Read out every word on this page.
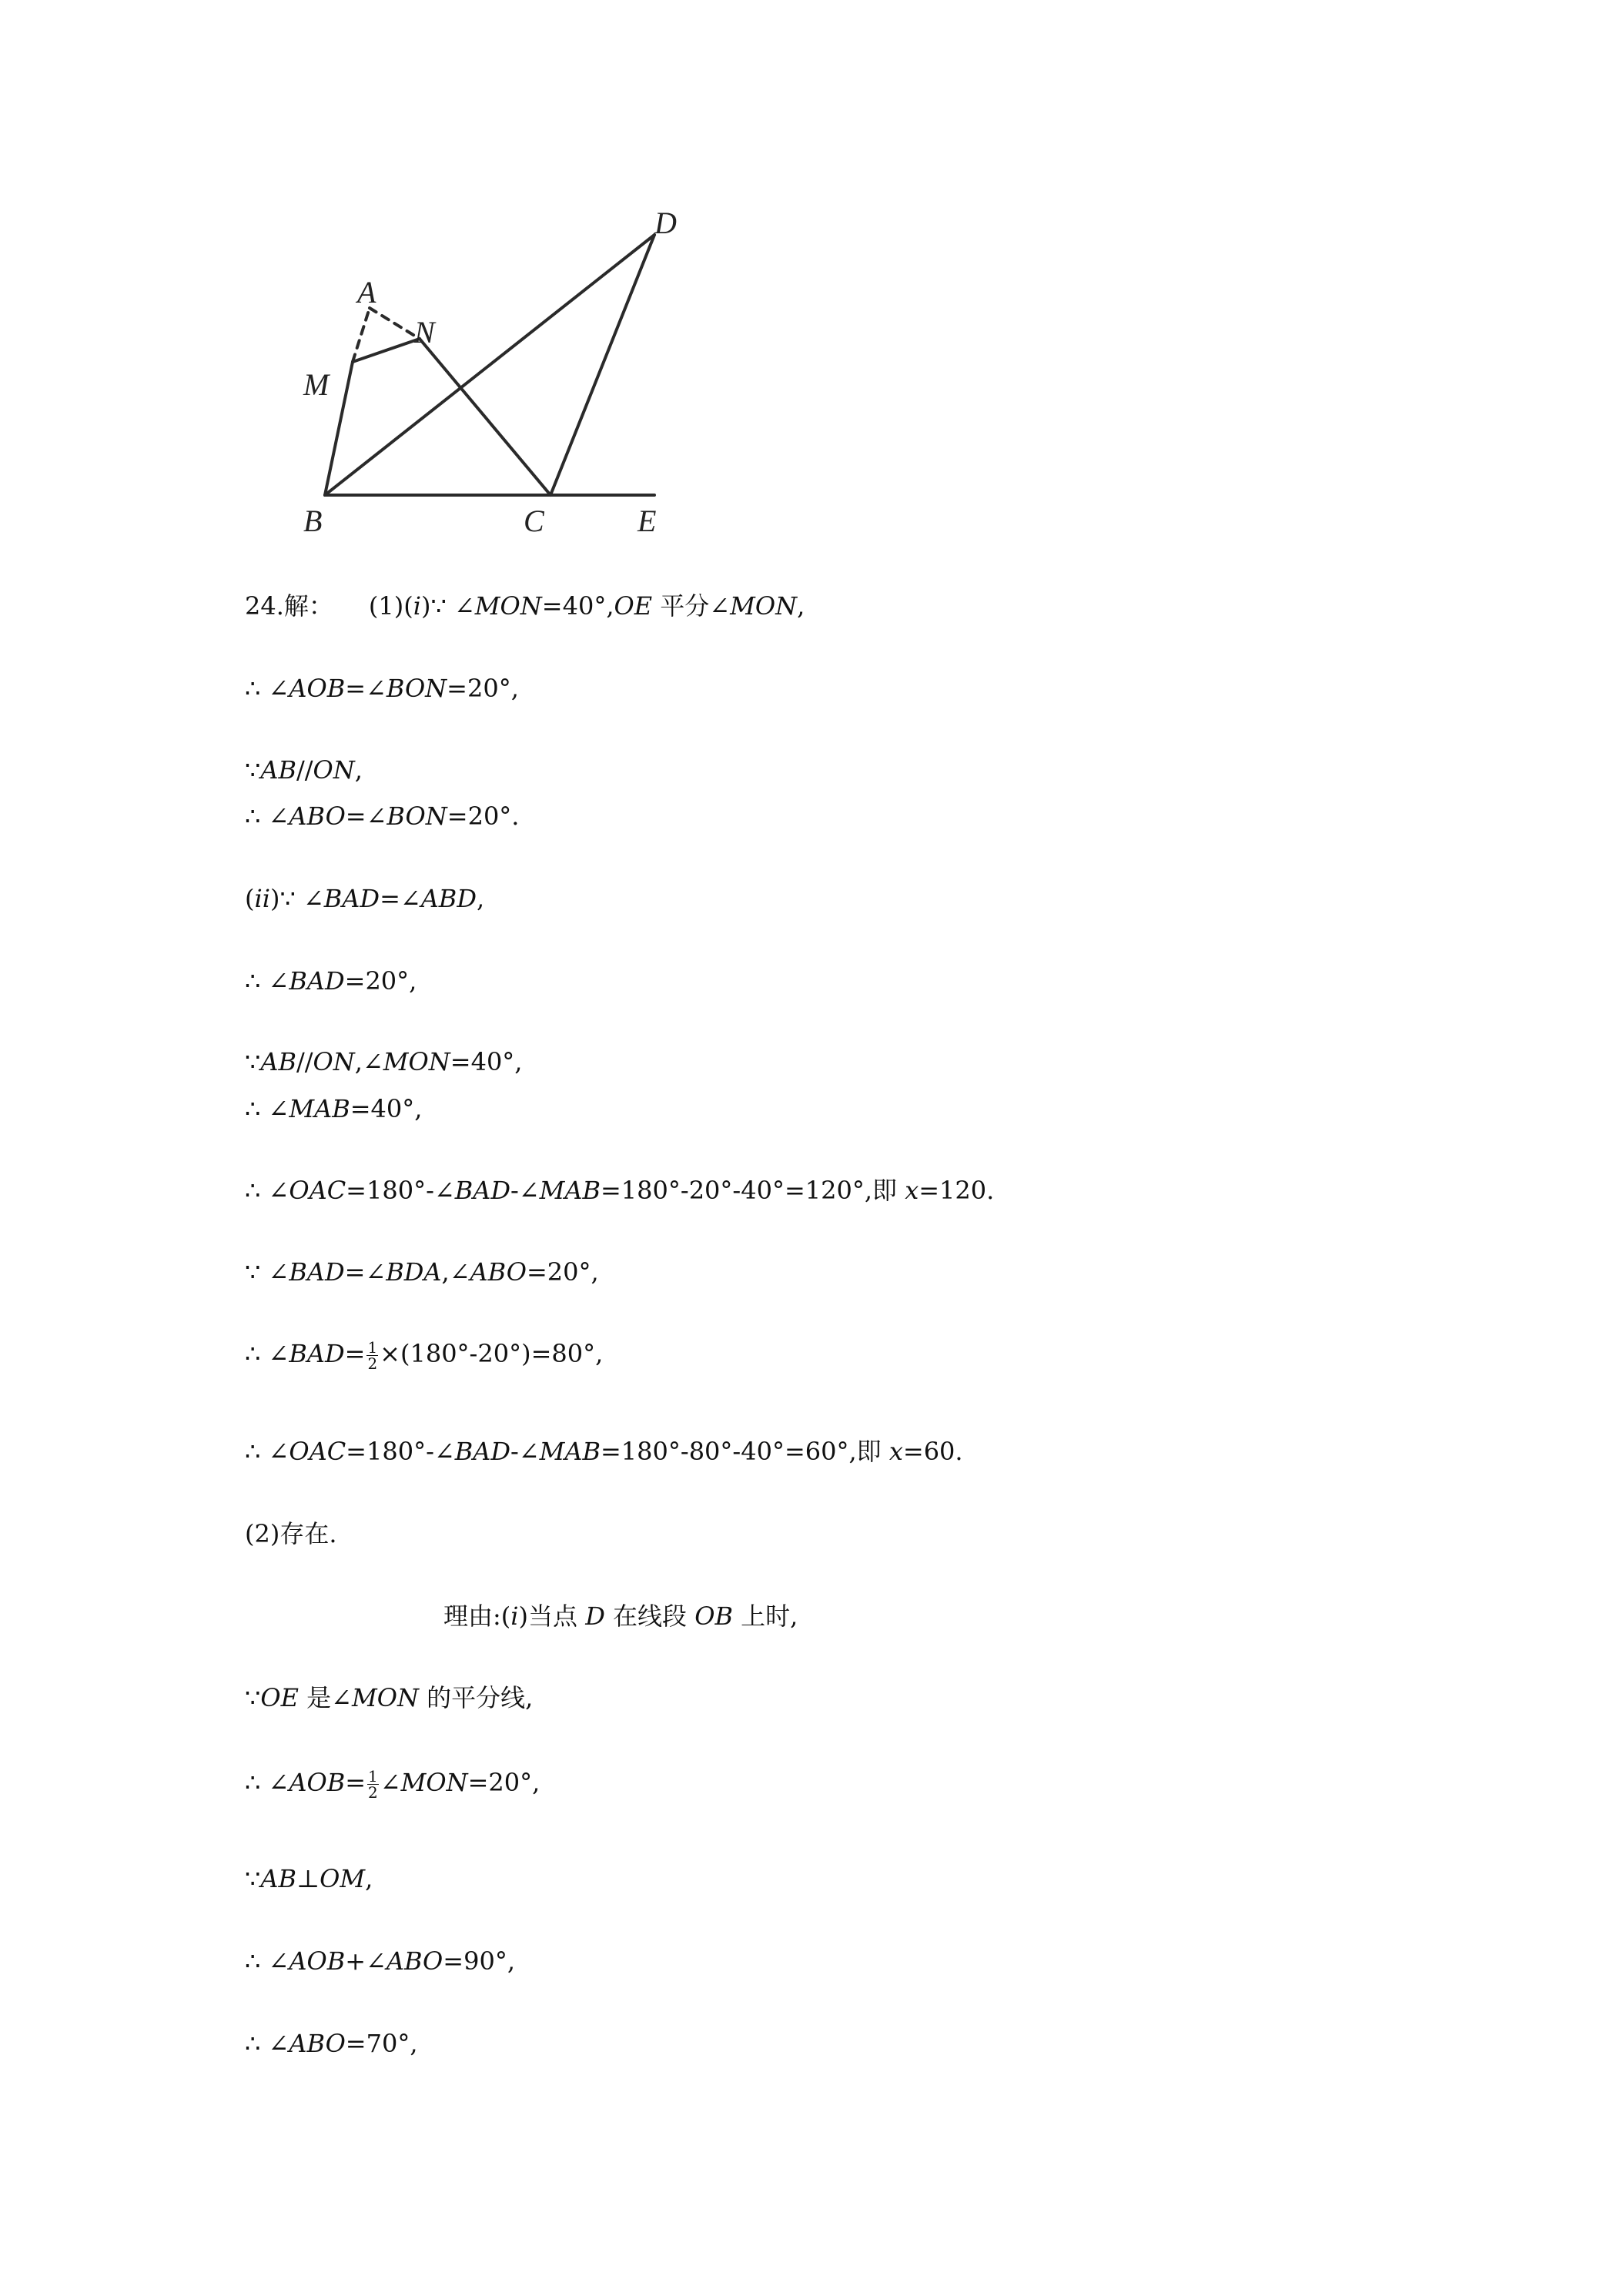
A
N
M
D
B	C	E
24.解： (1)(i)∵ ∠MON=40°,OE 平分∠MON,
∴ ∠AOB=∠BON=20°,
∵AB//ON,
∴ ∠ABO=∠BON=20°.
(ii)∵ ∠BAD=∠ABD,
∴ ∠BAD=20°,
∵AB//ON,∠MON=40°,
∴ ∠MAB=40°,
∴ ∠OAC=180°-∠BAD-∠MAB=180°-20°-40°=120°,即 x=120.
∵ ∠BAD=∠BDA,∠ABO=20°,
∴ ∠BAD= $\frac{1}{2} \times(180^\circ-20^\circ)=80^\circ$,
∴ ∠OAC=180°-∠BAD-∠MAB=180°-80°-40°=60°,即 x=60.
(2)存在.
理由:(i)当点 D 在线段 OB 上时,
∵OE 是∠MON 的平分线,
∴ ∠AOB= $\frac{1}{2}$ ∠MON=20°,
∵AB⊥OM,
∴ ∠AOB+∠ABO=90°,
∴ ∠ABO=70°,
